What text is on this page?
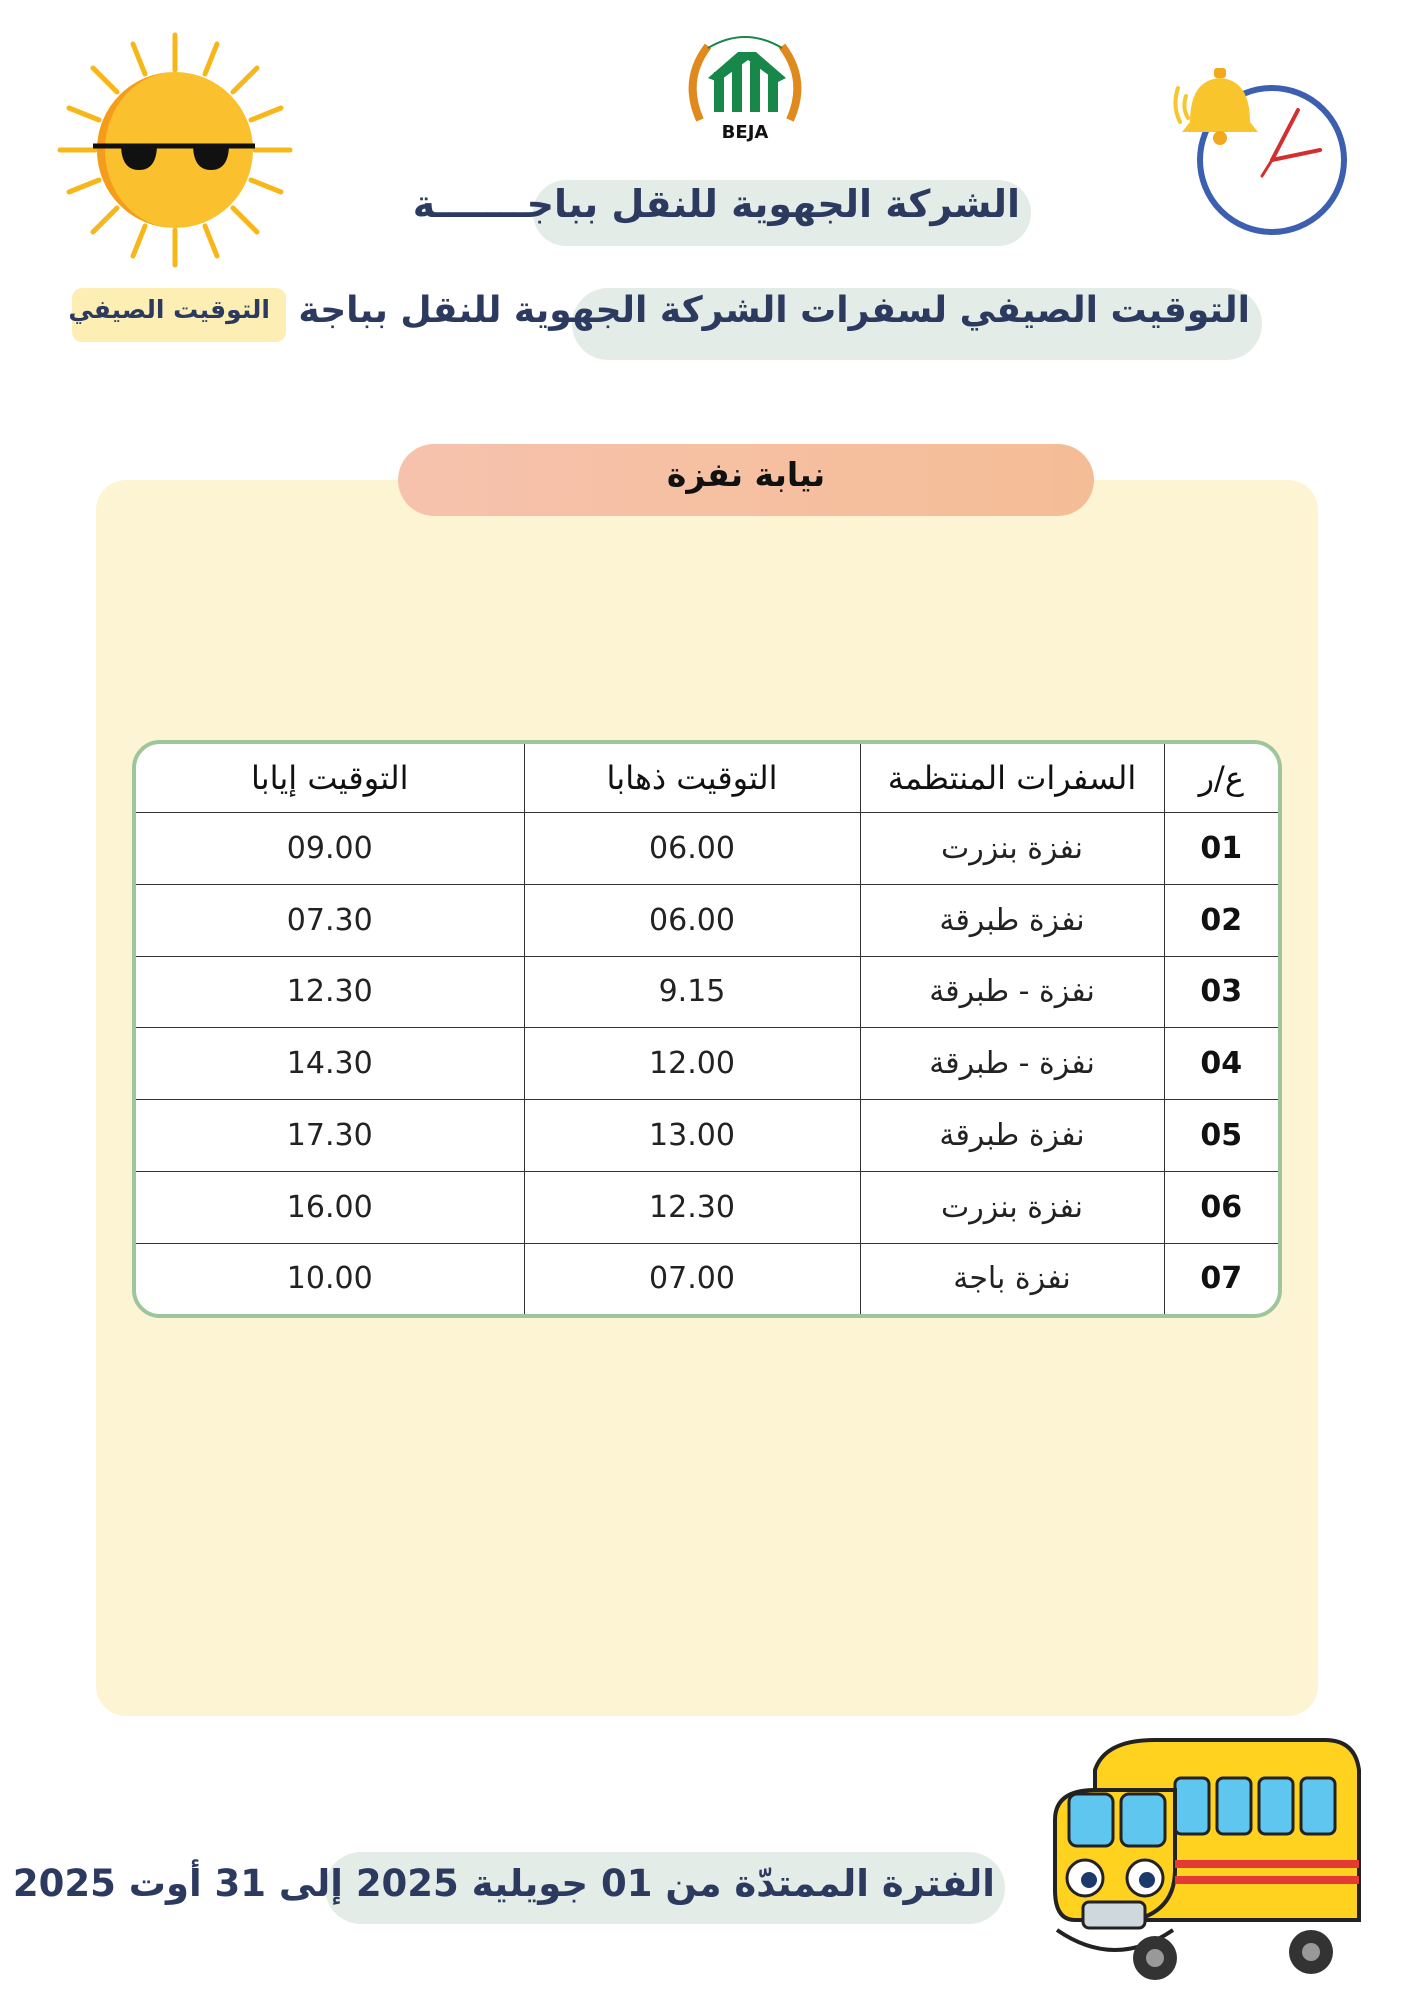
BEJA
الشركة الجهوية للنقل بباجـــــــة
التوقيت الصيفي لسفرات الشركة الجهوية للنقل بباجة
التوقيت الصيفي
نيابة نفزة
ع/ر	السفرات المنتظمة	التوقيت ذهابا	التوقيت إيابا
01	نفزة بنزرت	06.00	09.00
02	نفزة طبرقة	06.00	07.30
03	نفزة - طبرقة	9.15	12.30
04	نفزة - طبرقة	12.00	14.30
05	نفزة طبرقة	13.00	17.30
06	نفزة بنزرت	12.30	16.00
07	نفزة باجة	07.00	10.00
الفترة الممتدّة من 01 جويلية 2025 إلى 31 أوت 2025
